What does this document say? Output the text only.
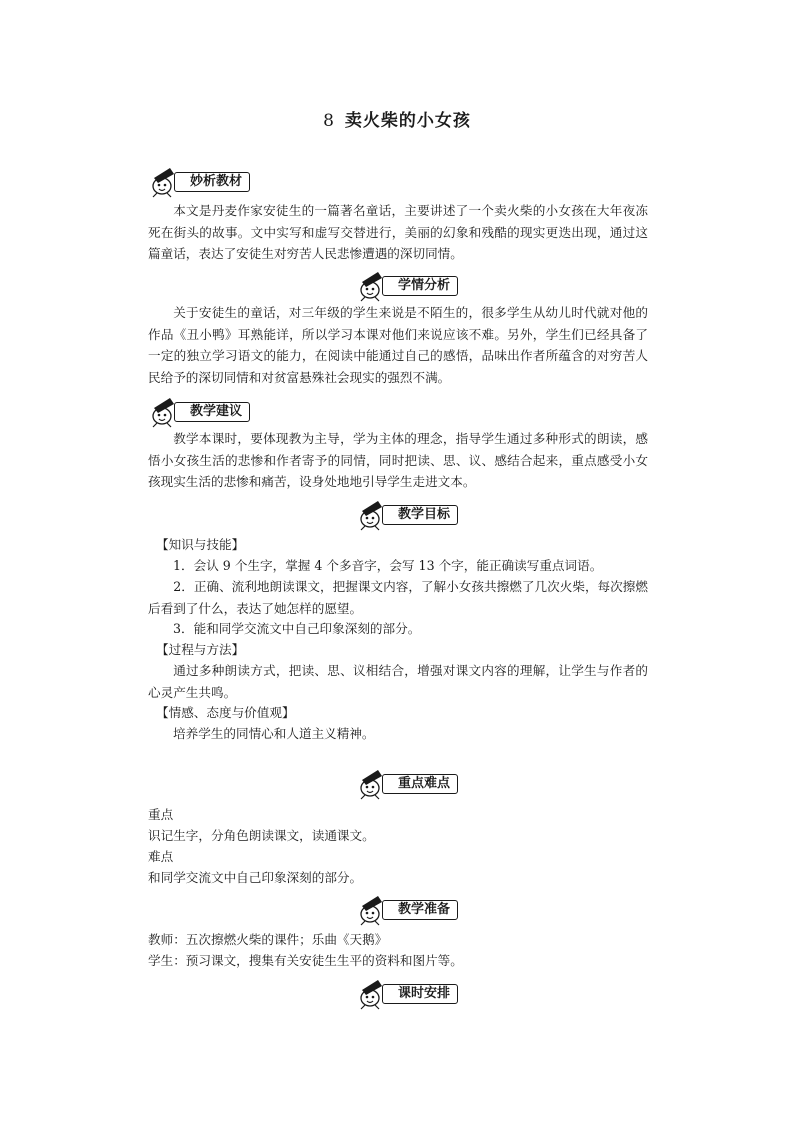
8 卖火柴的小女孩
妙析教材
本文是丹麦作家安徒生的一篇著名童话，主要讲述了一个卖火柴的小女孩在大年夜冻死在街头的故事。文中实写和虚写交替进行，美丽的幻象和残酷的现实更迭出现，通过这篇童话，表达了安徒生对穷苦人民悲惨遭遇的深切同情。
学情分析
关于安徒生的童话，对三年级的学生来说是不陌生的，很多学生从幼儿时代就对他的作品《丑小鸭》耳熟能详，所以学习本课对他们来说应该不难。另外，学生们已经具备了一定的独立学习语文的能力，在阅读中能通过自己的感悟，品味出作者所蕴含的对穷苦人民给予的深切同情和对贫富悬殊社会现实的强烈不满。
教学建议
教学本课时，要体现教为主导，学为主体的理念，指导学生通过多种形式的朗读，感悟小女孩生活的悲惨和作者寄予的同情，同时把读、思、议、感结合起来，重点感受小女孩现实生活的悲惨和痛苦，设身处地地引导学生走进文本。
教学目标
【知识与技能】
1．会认 9 个生字，掌握 4 个多音字，会写 13 个字，能正确读写重点词语。
2．正确、流利地朗读课文，把握课文内容，了解小女孩共擦燃了几次火柴，每次擦燃后看到了什么，表达了她怎样的愿望。
3．能和同学交流文中自己印象深刻的部分。
【过程与方法】
通过多种朗读方式，把读、思、议相结合，增强对课文内容的理解，让学生与作者的心灵产生共鸣。
【情感、态度与价值观】
培养学生的同情心和人道主义精神。
重点难点
重点
识记生字，分角色朗读课文，读通课文。
难点
和同学交流文中自己印象深刻的部分。
教学准备
教师：五次擦燃火柴的课件；乐曲《天鹅》
学生：预习课文，搜集有关安徒生生平的资料和图片等。
课时安排
